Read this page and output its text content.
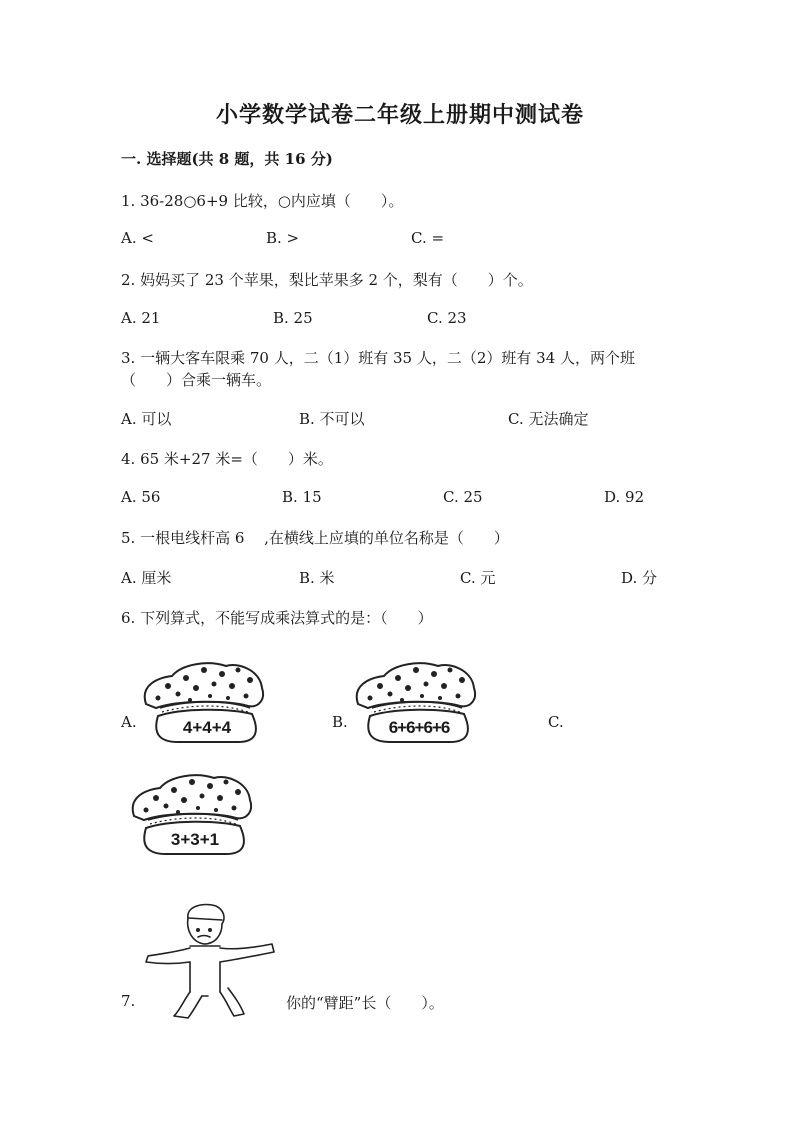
小学数学试卷二年级上册期中测试卷
一. 选择题(共 8 题，共 16 分)
1. 36-28○6+9 比较，○内应填（　　）。
A. <	B. >	C. =
2. 妈妈买了 23 个苹果，梨比苹果多 2 个，梨有（　　）个。
A. 21	B. 25	C. 23
3. 一辆大客车限乘 70 人，二（1）班有 35 人，二（2）班有 34 人，两个班
（　　）合乘一辆车。
A. 可以	B. 不可以	C. 无法确定
4. 65 米+27 米=（　　）米。
A. 56	B. 15	C. 25	D. 92
5. 一根电线杆高 6　 ,在横线上应填的单位名称是（　　）
A. 厘米	B. 米	C. 元	D. 分
6. 下列算式，不能写成乘法算式的是：（　　）
A.	B.	C.
4+4+4	6+6+6+6
3+3+1
7.	你的“臂距”长（　　）。
